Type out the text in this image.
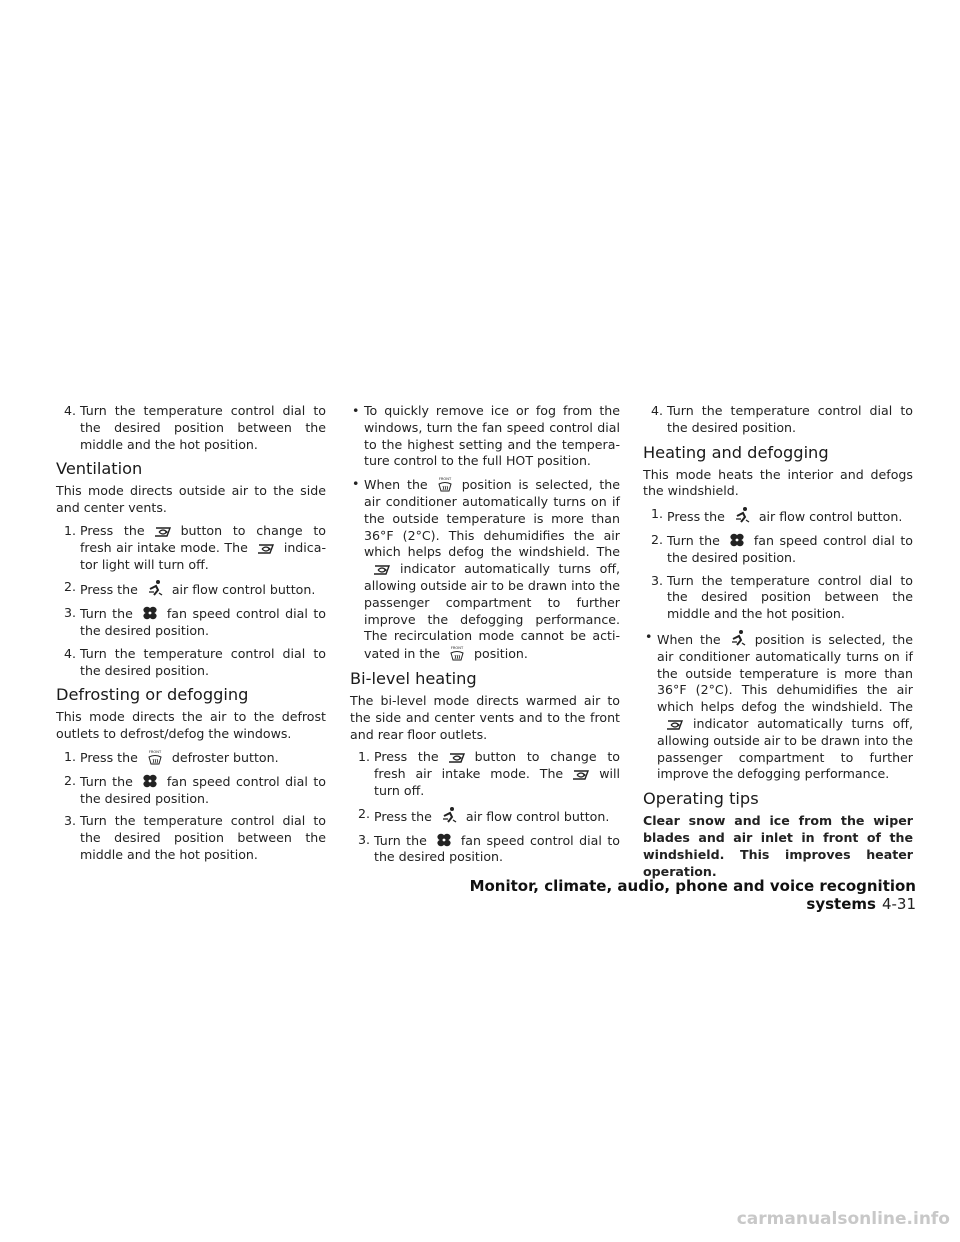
4. Turn the temperature control dial to the desired position between the middle and the hot position.
Ventilation

This mode directs outside air to the side and center vents.

1. Press the	button to change to fresh air intake mode. The	indica-tor light will turn off.
2. Press the	air flow control button.
3. Turn the	fan speed control dial to the desired position.
4. Turn the temperature control dial to the desired position.
Defrosting or defogging

This mode directs the air to the defrost outlets to defrost/defog the windows.

1. Press the	defroster button.
2. Turn the	fan speed control dial to the desired position.
3. Turn the temperature control dial to the desired position between the middle and the hot position.
• To quickly remove ice or fog from the windows, turn the fan speed control dial to the highest setting and the tempera-ture control to the full HOT position.
• When the	position is selected, the air conditioner automatically turns on if the outside temperature is more than 36°F (2°C). This dehumidifies the air which helps defog the windshield. The
indicator automatically turns off, allowing outside air to be drawn into the passenger compartment to further improve the defogging performance. The recirculation mode cannot be acti-vated in the	position.
Bi-level heating

The bi-level mode directs warmed air to the side and center vents and to the front and rear floor outlets.

1. Press the	button to change to fresh air intake mode. The	will turn off.
2. Press the	air flow control button.
3. Turn the	fan speed control dial to the desired position.
4. Turn the temperature control dial to the desired position.
Heating and defogging

This mode heats the interior and defogs the windshield.

1. Press the	air flow control button.
2. Turn the	fan speed control dial to the desired position.
3. Turn the temperature control dial to the desired position between the middle and the hot position.
• When the	position is selected, the air conditioner automatically turns on if the outside temperature is more than 36°F (2°C). This dehumidifies the air which helps defog the windshield. The
indicator automatically turns off, allowing outside air to be drawn into the passenger compartment to further improve the defogging performance.
Operating tips

Clear snow and ice from the wiper blades and air inlet in front of the windshield. This improves heater operation.

Monitor, climate, audio, phone and voice recognition systems 4-31
carmanualsonline.info
